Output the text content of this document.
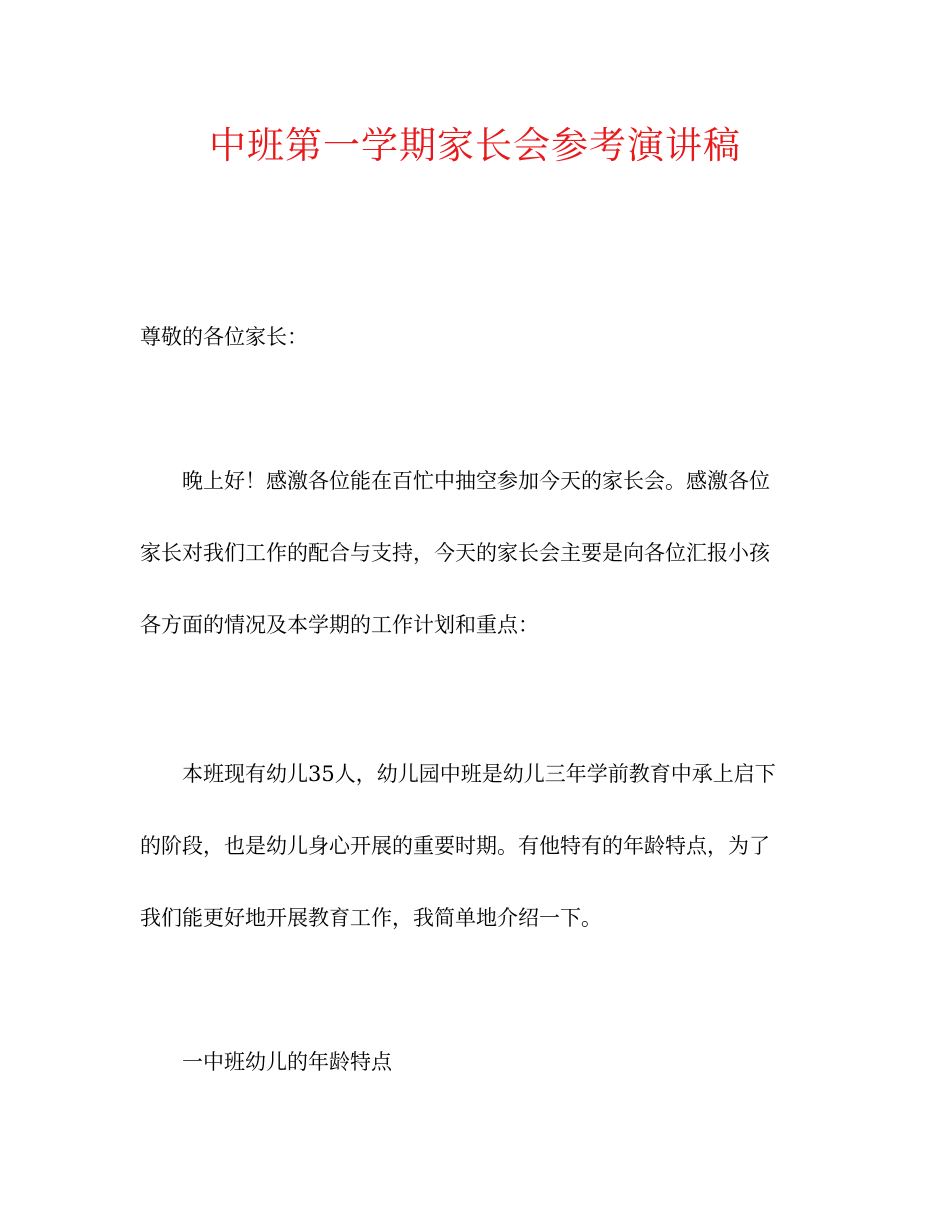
中班第一学期家长会参考演讲稿
尊敬的各位家长：
晚上好！感激各位能在百忙中抽空参加今天的家长会。感激各位
家长对我们工作的配合与支持，今天的家长会主要是向各位汇报小孩
各方面的情况及本学期的工作计划和重点：
本班现有幼儿35人，幼儿园中班是幼儿三年学前教育中承上启下
的阶段，也是幼儿身心开展的重要时期。有他特有的年龄特点，为了
我们能更好地开展教育工作，我简单地介绍一下。
一中班幼儿的年龄特点
